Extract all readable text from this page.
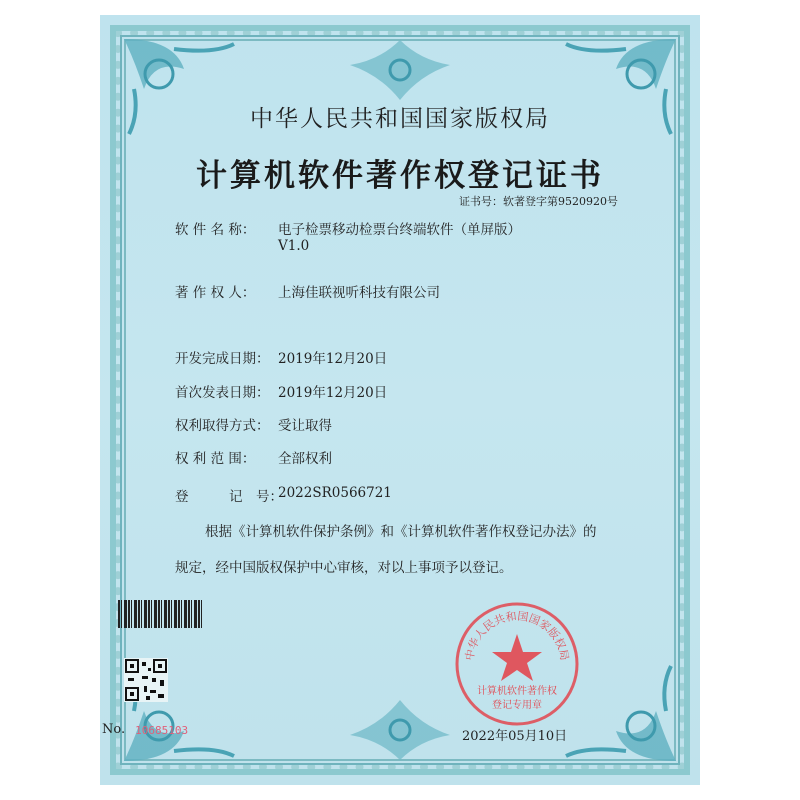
中华人民共和国国家版权局
计算机软件著作权登记证书
证书号：软著登字第9520920号
软 件 名 称：	电子检票移动检票台终端软件（单屏版）
V1.0
著 作 权 人：	上海佳联视听科技有限公司
开发完成日期： 2019年12月20日
首次发表日期： 2019年12月20日
权利取得方式： 受让取得
权 利 范 围：	全部权利
登　　　记　号：
2022SR0566721
根据《计算机软件保护条例》和《计算机软件著作权登记办法》的
规定，经中国版权保护中心审核，对以上事项予以登记。
No. 10685103
中华人民共和国国家版权局
计算机软件著作权
登记专用章
2022年05月10日
